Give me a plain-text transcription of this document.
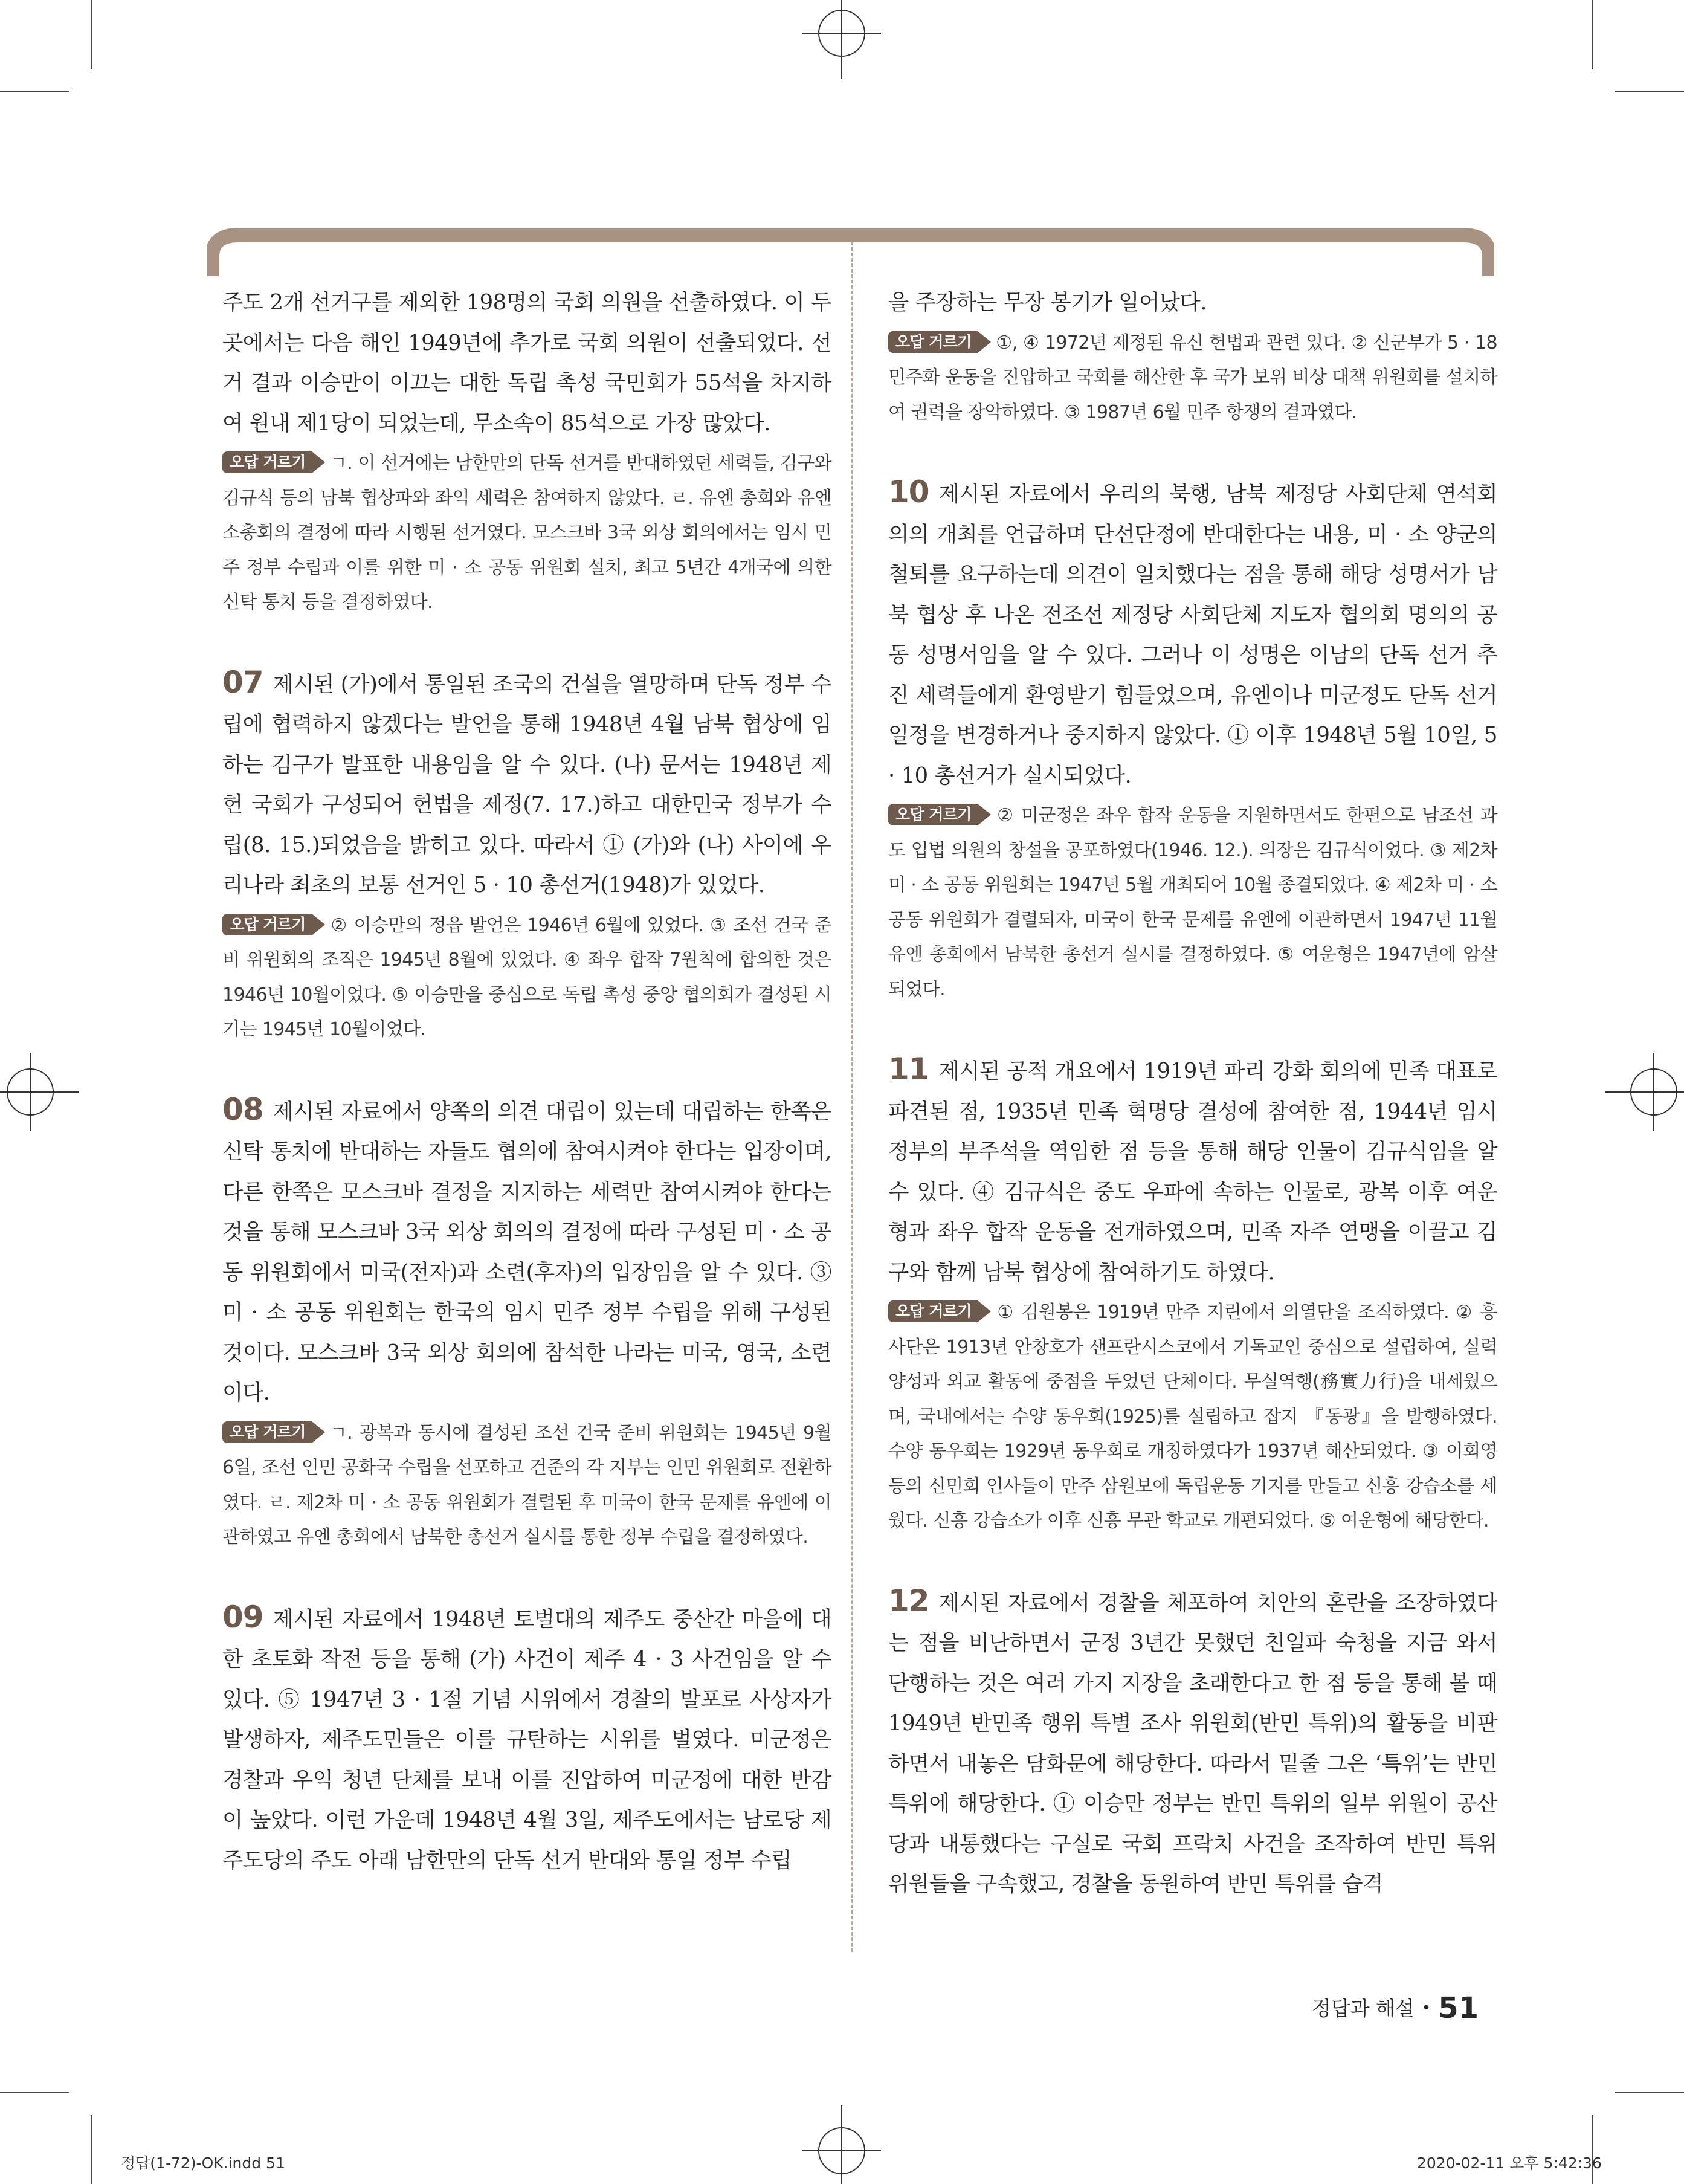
주도 2개 선거구를 제외한 198명의 국회 의원을 선출하였다. 이 두 곳에서는 다음 해인 1949년에 추가로 국회 의원이 선출되었다. 선거 결과 이승만이 이끄는 대한 독립 촉성 국민회가 55석을 차지하여 원내 제1당이 되었는데, 무소속이 85석으로 가장 많았다.

오답 거르기 ㄱ. 이 선거에는 남한만의 단독 선거를 반대하였던 세력들, 김구와 김규식 등의 남북 협상파와 좌익 세력은 참여하지 않았다. ㄹ. 유엔 총회와 유엔 소총회의 결정에 따라 시행된 선거였다. 모스크바 3국 외상 회의에서는 임시 민주 정부 수립과 이를 위한 미 · 소 공동 위원회 설치, 최고 5년간 4개국에 의한 신탁 통치 등을 결정하였다.

07 제시된 (가)에서 통일된 조국의 건설을 열망하며 단독 정부 수립에 협력하지 않겠다는 발언을 통해 1948년 4월 남북 협상에 임하는 김구가 발표한 내용임을 알 수 있다. (나) 문서는 1948년 제헌 국회가 구성되어 헌법을 제정(7. 17.)하고 대한민국 정부가 수립(8. 15.)되었음을 밝히고 있다. 따라서 ① (가)와 (나) 사이에 우리나라 최초의 보통 선거인 5 · 10 총선거(1948)가 있었다.

오답 거르기 ② 이승만의 정읍 발언은 1946년 6월에 있었다. ③ 조선 건국 준비 위원회의 조직은 1945년 8월에 있었다. ④ 좌우 합작 7원칙에 합의한 것은 1946년 10월이었다. ⑤ 이승만을 중심으로 독립 촉성 중앙 협의회가 결성된 시기는 1945년 10월이었다.

08 제시된 자료에서 양쪽의 의견 대립이 있는데 대립하는 한쪽은 신탁 통치에 반대하는 자들도 협의에 참여시켜야 한다는 입장이며, 다른 한쪽은 모스크바 결정을 지지하는 세력만 참여시켜야 한다는 것을 통해 모스크바 3국 외상 회의의 결정에 따라 구성된 미 · 소 공동 위원회에서 미국(전자)과 소련(후자)의 입장임을 알 수 있다. ③ 미 · 소 공동 위원회는 한국의 임시 민주 정부 수립을 위해 구성된 것이다. 모스크바 3국 외상 회의에 참석한 나라는 미국, 영국, 소련이다.

오답 거르기 ㄱ. 광복과 동시에 결성된 조선 건국 준비 위원회는 1945년 9월 6일, 조선 인민 공화국 수립을 선포하고 건준의 각 지부는 인민 위원회로 전환하였다. ㄹ. 제2차 미 · 소 공동 위원회가 결렬된 후 미국이 한국 문제를 유엔에 이관하였고 유엔 총회에서 남북한 총선거 실시를 통한 정부 수립을 결정하였다.

09 제시된 자료에서 1948년 토벌대의 제주도 중산간 마을에 대한 초토화 작전 등을 통해 (가) 사건이 제주 4 · 3 사건임을 알 수 있다. ⑤ 1947년 3 · 1절 기념 시위에서 경찰의 발포로 사상자가 발생하자, 제주도민들은 이를 규탄하는 시위를 벌였다. 미군정은 경찰과 우익 청년 단체를 보내 이를 진압하여 미군정에 대한 반감이 높았다. 이런 가운데 1948년 4월 3일, 제주도에서는 남로당 제주도당의 주도 아래 남한만의 단독 선거 반대와 통일 정부 수립

을 주장하는 무장 봉기가 일어났다.

오답 거르기 ①, ④ 1972년 제정된 유신 헌법과 관련 있다. ② 신군부가 5 · 18 민주화 운동을 진압하고 국회를 해산한 후 국가 보위 비상 대책 위원회를 설치하여 권력을 장악하였다. ③ 1987년 6월 민주 항쟁의 결과였다.

10 제시된 자료에서 우리의 북행, 남북 제정당 사회단체 연석회의의 개최를 언급하며 단선단정에 반대한다는 내용, 미 · 소 양군의 철퇴를 요구하는데 의견이 일치했다는 점을 통해 해당 성명서가 남북 협상 후 나온 전조선 제정당 사회단체 지도자 협의회 명의의 공동 성명서임을 알 수 있다. 그러나 이 성명은 이남의 단독 선거 추진 세력들에게 환영받기 힘들었으며, 유엔이나 미군정도 단독 선거 일정을 변경하거나 중지하지 않았다. ① 이후 1948년 5월 10일, 5 · 10 총선거가 실시되었다.

오답 거르기 ② 미군정은 좌우 합작 운동을 지원하면서도 한편으로 남조선 과도 입법 의원의 창설을 공포하였다(1946. 12.). 의장은 김규식이었다. ③ 제2차 미 · 소 공동 위원회는 1947년 5월 개최되어 10월 종결되었다. ④ 제2차 미 · 소 공동 위원회가 결렬되자, 미국이 한국 문제를 유엔에 이관하면서 1947년 11월 유엔 총회에서 남북한 총선거 실시를 결정하였다. ⑤ 여운형은 1947년에 암살되었다.

11 제시된 공적 개요에서 1919년 파리 강화 회의에 민족 대표로 파견된 점, 1935년 민족 혁명당 결성에 참여한 점, 1944년 임시 정부의 부주석을 역임한 점 등을 통해 해당 인물이 김규식임을 알 수 있다. ④ 김규식은 중도 우파에 속하는 인물로, 광복 이후 여운형과 좌우 합작 운동을 전개하였으며, 민족 자주 연맹을 이끌고 김구와 함께 남북 협상에 참여하기도 하였다.

오답 거르기 ① 김원봉은 1919년 만주 지린에서 의열단을 조직하였다. ② 흥사단은 1913년 안창호가 샌프란시스코에서 기독교인 중심으로 설립하여, 실력 양성과 외교 활동에 중점을 두었던 단체이다. 무실역행(務實力行)을 내세웠으며, 국내에서는 수양 동우회(1925)를 설립하고 잡지 『동광』을 발행하였다. 수양 동우회는 1929년 동우회로 개칭하였다가 1937년 해산되었다. ③ 이회영 등의 신민회 인사들이 만주 삼원보에 독립운동 기지를 만들고 신흥 강습소를 세웠다. 신흥 강습소가 이후 신흥 무관 학교로 개편되었다. ⑤ 여운형에 해당한다.

12 제시된 자료에서 경찰을 체포하여 치안의 혼란을 조장하였다는 점을 비난하면서 군정 3년간 못했던 친일파 숙청을 지금 와서 단행하는 것은 여러 가지 지장을 초래한다고 한 점 등을 통해 볼 때 1949년 반민족 행위 특별 조사 위원회(반민 특위)의 활동을 비판하면서 내놓은 담화문에 해당한다. 따라서 밑줄 그은 ‘특위’는 반민 특위에 해당한다. ① 이승만 정부는 반민 특위의 일부 위원이 공산당과 내통했다는 구실로 국회 프락치 사건을 조작하여 반민 특위 위원들을 구속했고, 경찰을 동원하여 반민 특위를 습격

정답과 해설 • 51
정답(1-72)-OK.indd 51	2020-02-11 오후 5:42:36
